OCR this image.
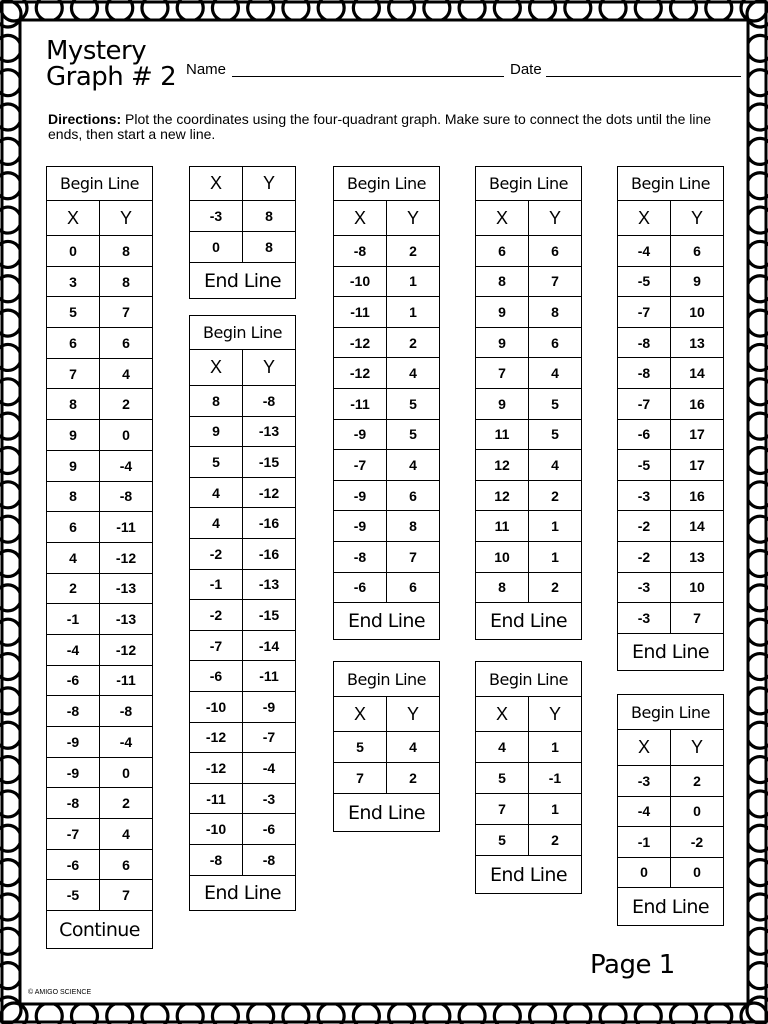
Mystery
Graph # 2 Name	Date
Directions: Plot the coordinates using the four-quadrant graph. Make sure to connect the dots until the line ends, then start a new line.
Begin Line	
X	Y
0	8
3	8
5	7
6	6
7	4
8	2
9	0
9	-4
8	-8
6	-11
4	-12
2	-13
-1	-13
-4	-12
-6	-11
-8	-8
-9	-4
-9	0
-8	2
-7	4
-6	6
-5	7
Continue	
X	Y
-3	8
0	8
End Line	
Begin Line	
X	Y
8	-8
9	-13
5	-15
4	-12
4	-16
-2	-16
-1	-13
-2	-15
-7	-14
-6	-11
-10	-9
-12	-7
-12	-4
-11	-3
-10	-6
-8	-8
End Line	
Begin Line	
X	Y
-8	2
-10	1
-11	1
-12	2
-12	4
-11	5
-9	5
-7	4
-9	6
-9	8
-8	7
-6	6
End Line	
Begin Line	
X	Y
5	4
7	2
End Line	
Begin Line	
X	Y
6	6
8	7
9	8
9	6
7	4
9	5
11	5
12	4
12	2
11	1
10	1
8	2
End Line	
Begin Line	
X	Y
4	1
5	-1
7	1
5	2
End Line	
Begin Line	
X	Y
-4	6
-5	9
-7	10
-8	13
-8	14
-7	16
-6	17
-5	17
-3	16
-2	14
-2	13
-3	10
-3	7
End Line	
Begin Line	
X	Y
-3	2
-4	0
-1	-2
0	0
End Line	
Page 1
© AMIGO SCIENCE
